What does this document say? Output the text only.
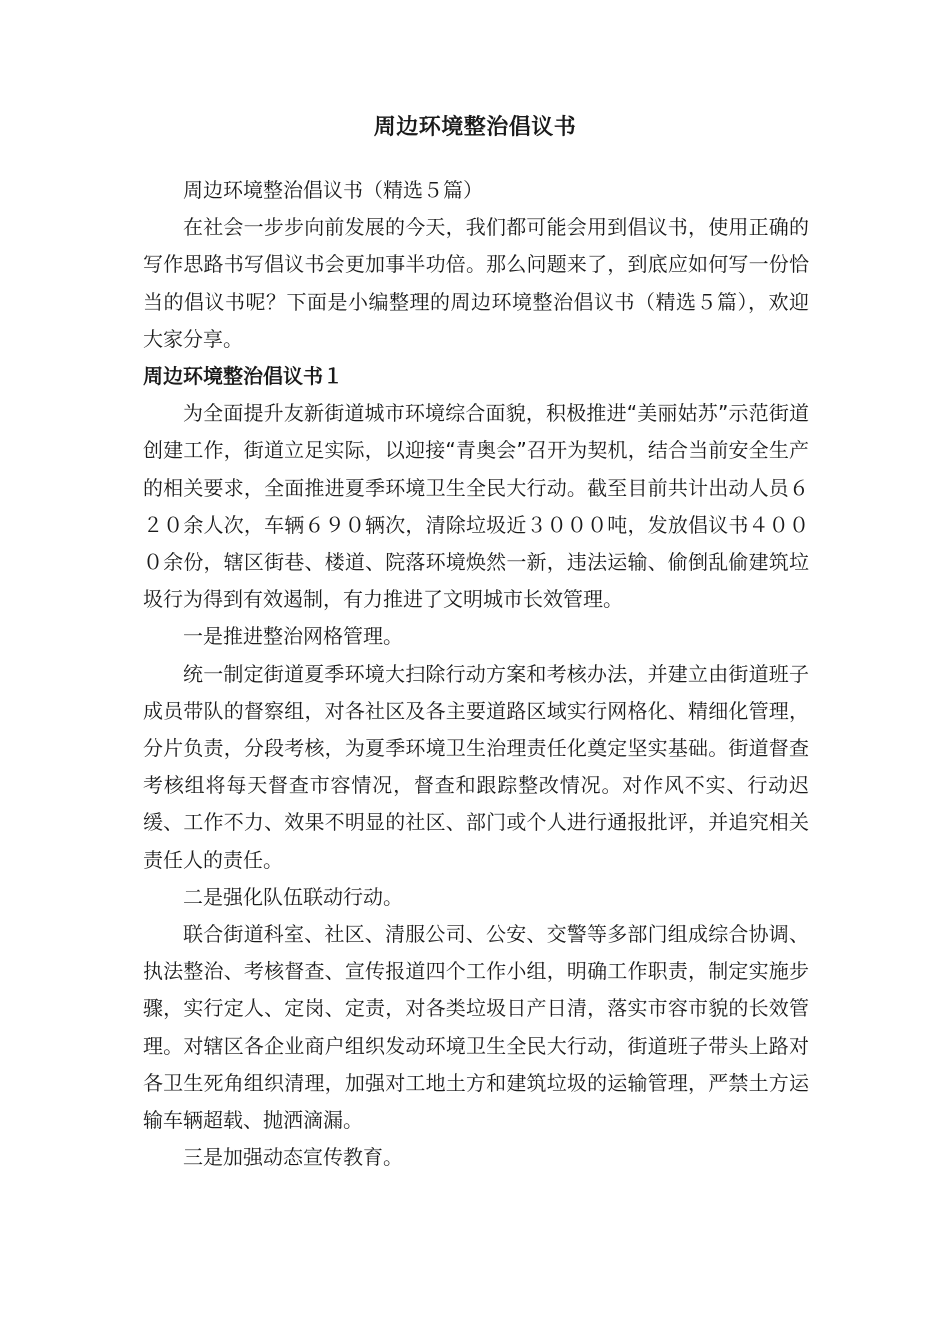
周边环境整治倡议书

周边环境整治倡议书（精选５篇）

在社会一步步向前发展的今天，我们都可能会用到倡议书，使用正确的写作思路书写倡议书会更加事半功倍。那么问题来了，到底应如何写一份恰当的倡议书呢？下面是小编整理的周边环境整治倡议书（精选５篇），欢迎大家分享。

周边环境整治倡议书１

为全面提升友新街道城市环境综合面貌，积极推进“美丽姑苏”示范街道创建工作，街道立足实际，以迎接“青奥会”召开为契机，结合当前安全生产的相关要求，全面推进夏季环境卫生全民大行动。截至目前共计出动人员６２０余人次，车辆６９０辆次，清除垃圾近３０００吨，发放倡议书４０００余份，辖区街巷、楼道、院落环境焕然一新，违法运输、偷倒乱偷建筑垃圾行为得到有效遏制，有力推进了文明城市长效管理。

一是推进整治网格管理。

统一制定街道夏季环境大扫除行动方案和考核办法，并建立由街道班子成员带队的督察组，对各社区及各主要道路区域实行网格化、精细化管理，分片负责，分段考核，为夏季环境卫生治理责任化奠定坚实基础。街道督查考核组将每天督查市容情况，督查和跟踪整改情况。对作风不实、行动迟缓、工作不力、效果不明显的社区、部门或个人进行通报批评，并追究相关责任人的责任。

二是强化队伍联动行动。

联合街道科室、社区、清服公司、公安、交警等多部门组成综合协调、执法整治、考核督查、宣传报道四个工作小组，明确工作职责，制定实施步骤，实行定人、定岗、定责，对各类垃圾日产日清，落实市容市貌的长效管理。对辖区各企业商户组织发动环境卫生全民大行动，街道班子带头上路对各卫生死角组织清理，加强对工地土方和建筑垃圾的运输管理，严禁土方运输车辆超载、抛洒滴漏。

三是加强动态宣传教育。
